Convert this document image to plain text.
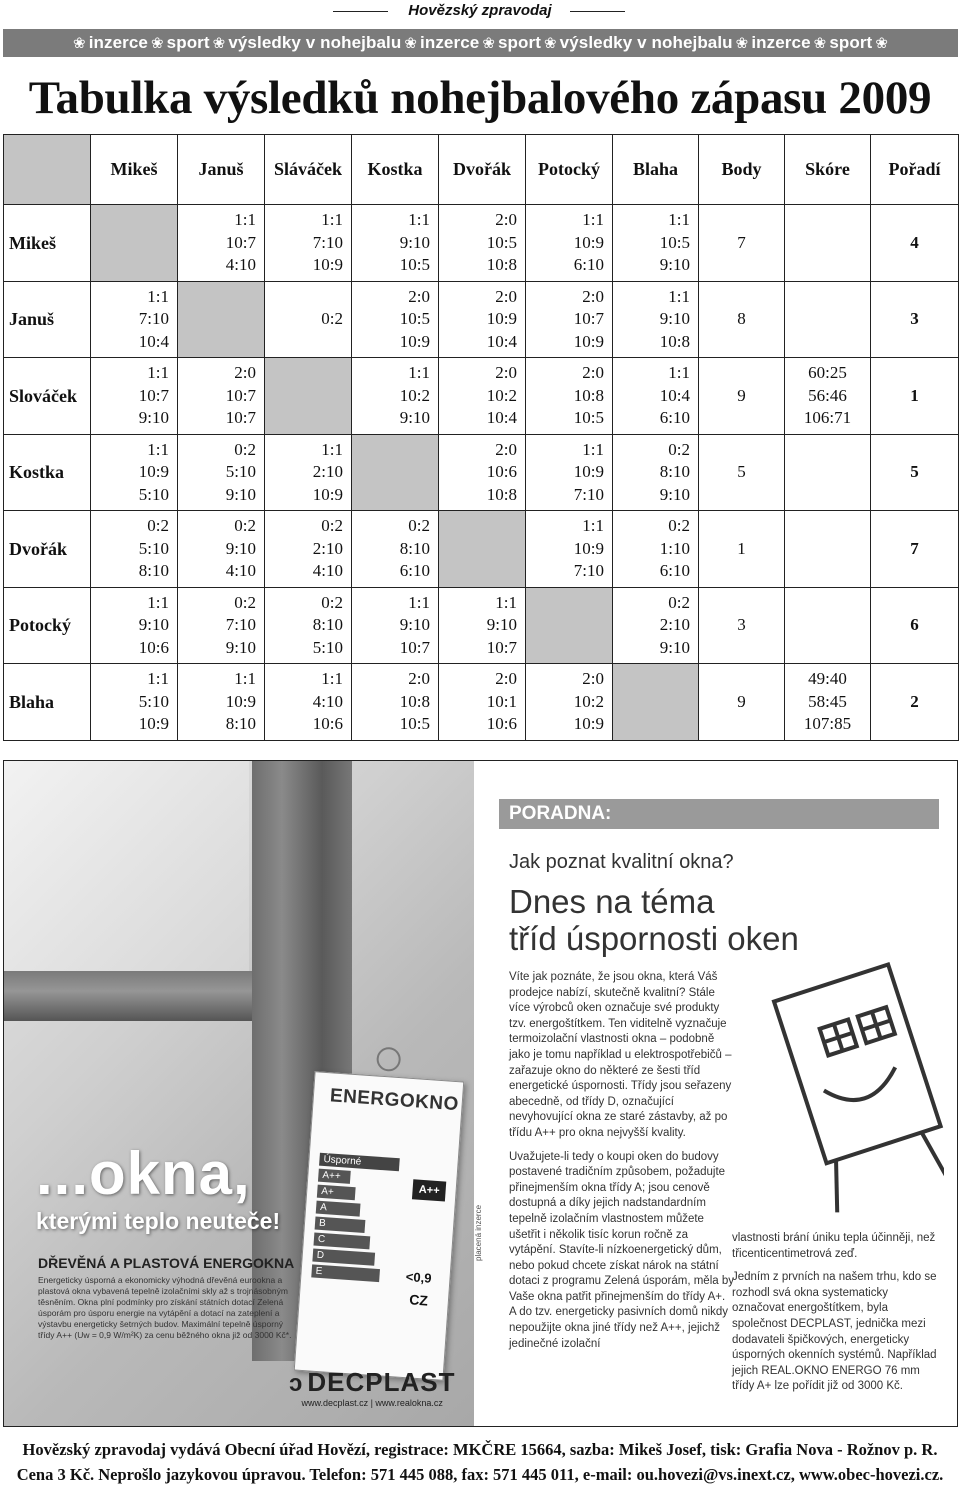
Hovězský zpravodaj
❀ inzerce ❀ sport ❀ výsledky v nohejbalu ❀ inzerce ❀ sport ❀ výsledky v nohejbalu ❀ inzerce ❀ sport ❀
Tabulka výsledků nohejbalového zápasu 2009
	Mikeš	Januš	Sláváček	Kostka	Dvořák	Potocký	Blaha	Body	Skóre	Pořadí
Mikeš		1:1
10:7
4:10	1:1
7:10
10:9	1:1
9:10
10:5	2:0
10:5
10:8	1:1
10:9
6:10	1:1
10:5
9:10	7		4
Januš	1:1
7:10
10:4		0:2	2:0
10:5
10:9	2:0
10:9
10:4	2:0
10:7
10:9	1:1
9:10
10:8	8		3
Slováček	1:1
10:7
9:10	2:0
10:7
10:7		1:1
10:2
9:10	2:0
10:2
10:4	2:0
10:8
10:5	1:1
10:4
6:10	9	60:25
56:46
106:71	1
Kostka	1:1
10:9
5:10	0:2
5:10
9:10	1:1
2:10
10:9		2:0
10:6
10:8	1:1
10:9
7:10	0:2
8:10
9:10	5		5
Dvořák	0:2
5:10
8:10	0:2
9:10
4:10	0:2
2:10
4:10	0:2
8:10
6:10		1:1
10:9
7:10	0:2
1:10
6:10	1		7
Potocký	1:1
9:10
10:6	0:2
7:10
9:10	0:2
8:10
5:10	1:1
9:10
10:7	1:1
9:10
10:7		0:2
2:10
9:10	3		6
Blaha	1:1
5:10
10:9	1:1
10:9
8:10	1:1
4:10
10:6	2:0
10:8
10:5	2:0
10:1
10:6	2:0
10:2
10:9		9	49:40
58:45
107:85	2
ENERGOKNO
Úsporné
A++
A+
A
B
C
D
E
A++
<0,9
CZ
...okna,
kterými teplo neuteče!
DŘEVĚNÁ A PLASTOVÁ ENERGOKNA
Energeticky úsporná a ekonomicky výhodná dřevěná eurookna a plastová okna vybavená tepelně izolačními skly až s trojnásobným těsněním. Okna plní podmínky pro získání státních dotací Zelená úsporám pro úsporu energie na vytápění a dotací na zateplení a výstavbu energeticky šetrných budov. Maximální tepelně úsporný třídy A++ (Uw = 0,9 W/m²K) za cenu běžného okna již od 3000 Kč*.
ↄ DECPLAST
www.decplast.cz | www.realokna.cz
placená inzerce
PORADNA:
Jak poznat kvalitní okna?
Dnes na téma
tříd úspornosti oken

Víte jak poznáte, že jsou okna, která Váš prodejce nabízí, skutečně kvalitní? Stále více výrobců oken označuje své produkty tzv. energoštítkem. Ten viditelně vyznačuje termoizolační vlastnosti okna – podobně jako je tomu například u elektrospotřebičů – zařazuje okno do některé ze šesti tříd energetické úspornosti. Třídy jsou seřazeny abecedně, od třídy D, označující nevyhovující okna ze staré zástavby, až po třídu A++ pro okna nejvyšší kvality.

Uvažujete-li tedy o koupi oken do budovy postavené tradičním způsobem, požadujte přinejmenším okna třídy A; jsou cenově dostupná a díky jejich nadstandardním tepelně izolačním vlastnostem můžete ušetřit i několik tisíc korun ročně za vytápění. Stavíte-li nízkoenergetický dům, nebo pokud chcete získat nárok na státní dotaci z programu Zelená úsporám, měla by Vaše okna patřit přinejmenším do třídy A+. A do tzv. energeticky pasivních domů nikdy nepoužijte okna jiné třídy než A++, jejichž jedinečné izolační

vlastnosti brání úniku tepla účinněji, než třicenticentimetrová zeď.

Jedním z prvních na našem trhu, kdo se rozhodl svá okna systematicky označovat energoštítkem, byla společnost DECPLAST, jednička mezi dodavateli špičkových, energeticky úsporných okenních systémů. Například jejich REAL.OKNO ENERGO 76 mm třídy A+ lze pořídit již od 3000 Kč.

Hovězský zpravodaj vydává Obecní úřad Hovězí, registrace: MKČRE 15664, sazba: Mikeš Josef, tisk: Grafia Nova - Rožnov p. R.
Cena 3 Kč. Neprošlo jazykovou úpravou. Telefon: 571 445 088, fax: 571 445 011, e-mail: ou.hovezi@vs.inext.cz, www.obec-hovezi.cz.
